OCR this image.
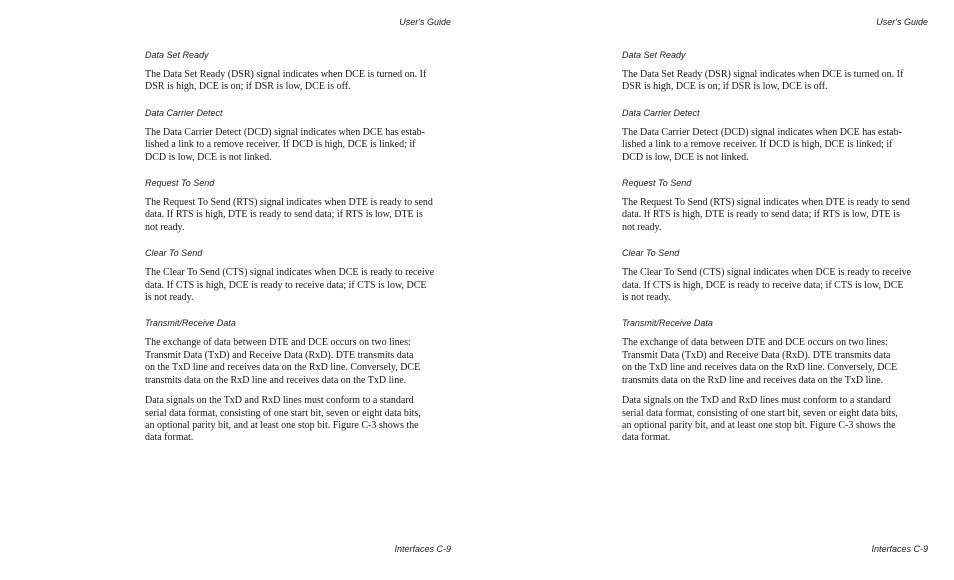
User's Guide
Data Set Ready

The Data Set Ready (DSR) signal indicates when DCE is turned on. If
DSR is high, DCE is on; if DSR is low, DCE is off.

Data Carrier Detect

The Data Carrier Detect (DCD) signal indicates when DCE has estab-
lished a link to a remove receiver. If DCD is high, DCE is linked; if
DCD is low, DCE is not linked.

Request To Send

The Request To Send (RTS) signal indicates when DTE is ready to send
data. If RTS is high, DTE is ready to send data; if RTS is low, DTE is
not ready.

Clear To Send

The Clear To Send (CTS) signal indicates when DCE is ready to receive
data. If CTS is high, DCE is ready to receive data; if CTS is low, DCE
is not ready.

Transmit/Receive Data

The exchange of data between DTE and DCE occurs on two lines:
Transmit Data (TxD) and Receive Data (RxD). DTE transmits data
on the TxD line and receives data on the RxD line. Conversely, DCE
transmits data on the RxD line and receives data on the TxD line.

Data signals on the TxD and RxD lines must conform to a standard
serial data format, consisting of one start bit, seven or eight data bits,
an optional parity bit, and at least one stop bit. Figure C-3 shows the
data format.

Interfaces C-9
User's Guide
Data Set Ready

The Data Set Ready (DSR) signal indicates when DCE is turned on. If
DSR is high, DCE is on; if DSR is low, DCE is off.

Data Carrier Detect

The Data Carrier Detect (DCD) signal indicates when DCE has estab-
lished a link to a remove receiver. If DCD is high, DCE is linked; if
DCD is low, DCE is not linked.

Request To Send

The Request To Send (RTS) signal indicates when DTE is ready to send
data. If RTS is high, DTE is ready to send data; if RTS is low, DTE is
not ready.

Clear To Send

The Clear To Send (CTS) signal indicates when DCE is ready to receive
data. If CTS is high, DCE is ready to receive data; if CTS is low, DCE
is not ready.

Transmit/Receive Data

The exchange of data between DTE and DCE occurs on two lines:
Transmit Data (TxD) and Receive Data (RxD). DTE transmits data
on the TxD line and receives data on the RxD line. Conversely, DCE
transmits data on the RxD line and receives data on the TxD line.

Data signals on the TxD and RxD lines must conform to a standard
serial data format, consisting of one start bit, seven or eight data bits,
an optional parity bit, and at least one stop bit. Figure C-3 shows the
data format.

Interfaces C-9
